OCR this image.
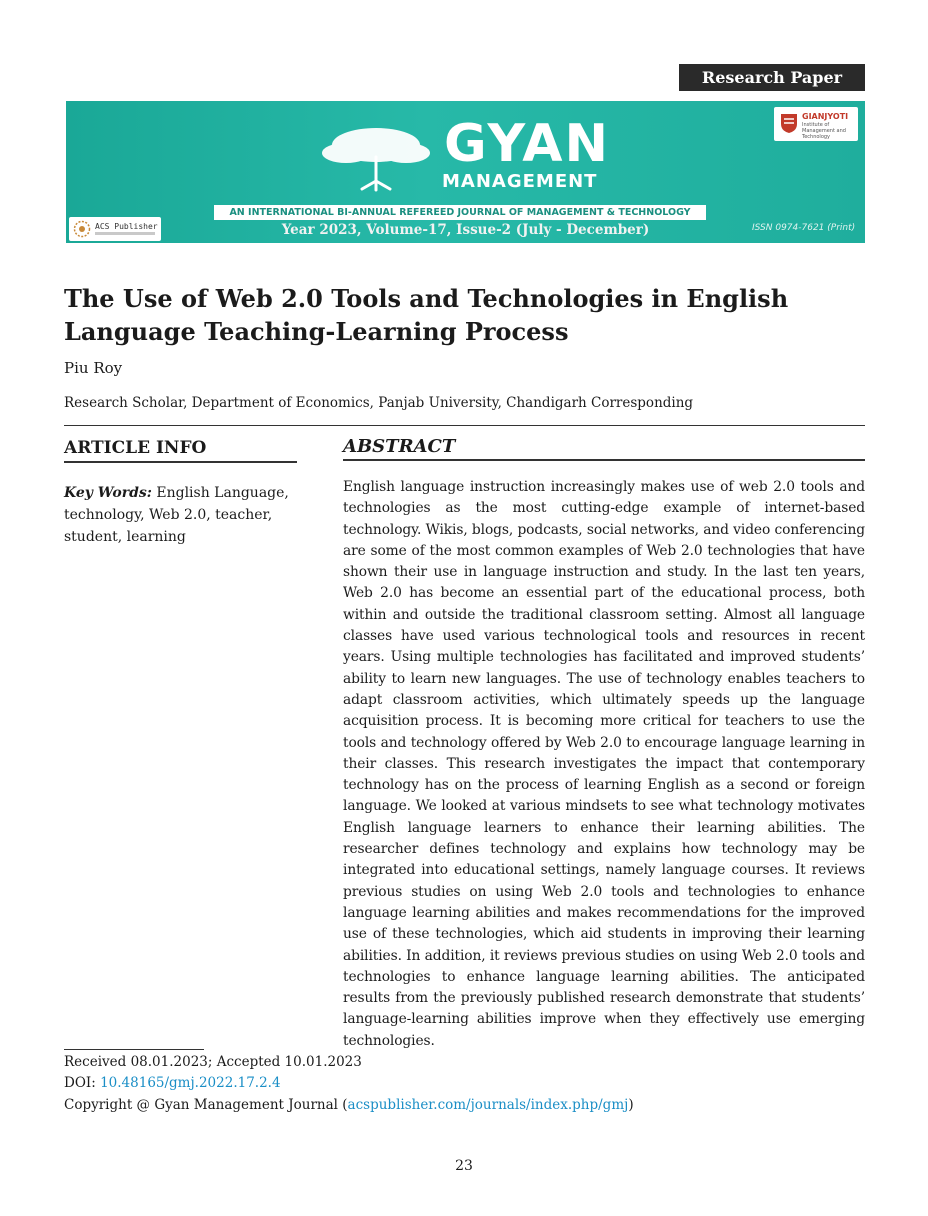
Research Paper
GYAN
MANAGEMENT
AN INTERNATIONAL BI-ANNUAL REFEREED JOURNAL OF MANAGEMENT & TECHNOLOGY
Year 2023, Volume-17, Issue-2 (July - December)	ISSN 0974-7621 (Print)
GIANJYOTI
Institute of Management and Technology
ACS Publisher
The Use of Web 2.0 Tools and Technologies in English Language Teaching-Learning Process
Piu Roy
Research Scholar, Department of Economics, Panjab University, Chandigarh Corresponding
ARTICLE INFO
Key Words: English Language, technology, Web 2.0, teacher, student, learning
ABSTRACT

English language instruction increasingly makes use of web 2.0 tools and technologies as the most cutting-edge example of internet-based technology. Wikis, blogs, podcasts, social networks, and video conferencing are some of the most common examples of Web 2.0 technologies that have shown their use in language instruction and study. In the last ten years, Web 2.0 has become an essential part of the educational process, both within and outside the traditional classroom setting. Almost all language classes have used various technological tools and resources in recent years. Using multiple technologies has facilitated and improved students’ ability to learn new languages. The use of technology enables teachers to adapt classroom activities, which ultimately speeds up the language acquisition process. It is becoming more critical for teachers to use the tools and technology offered by Web 2.0 to encourage language learning in their classes. This research investigates the impact that contemporary technology has on the process of learning English as a second or foreign language. We looked at various mindsets to see what technology motivates English language learners to enhance their learning abilities. The researcher defines technology and explains how technology may be integrated into educational settings, namely language courses. It reviews previous studies on using Web 2.0 tools and technologies to enhance language learning abilities and makes recommendations for the improved use of these technologies, which aid students in improving their learning abilities. In addition, it reviews previous studies on using Web 2.0 tools and technologies to enhance language learning abilities. The anticipated results from the previously published research demonstrate that students’ language-learning abilities improve when they effectively use emerging technologies.

Received 08.01.2023; Accepted 10.01.2023
DOI: 10.48165/gmj.2022.17.2.4
Copyright @ Gyan Management Journal (acspublisher.com/journals/index.php/gmj)
23
